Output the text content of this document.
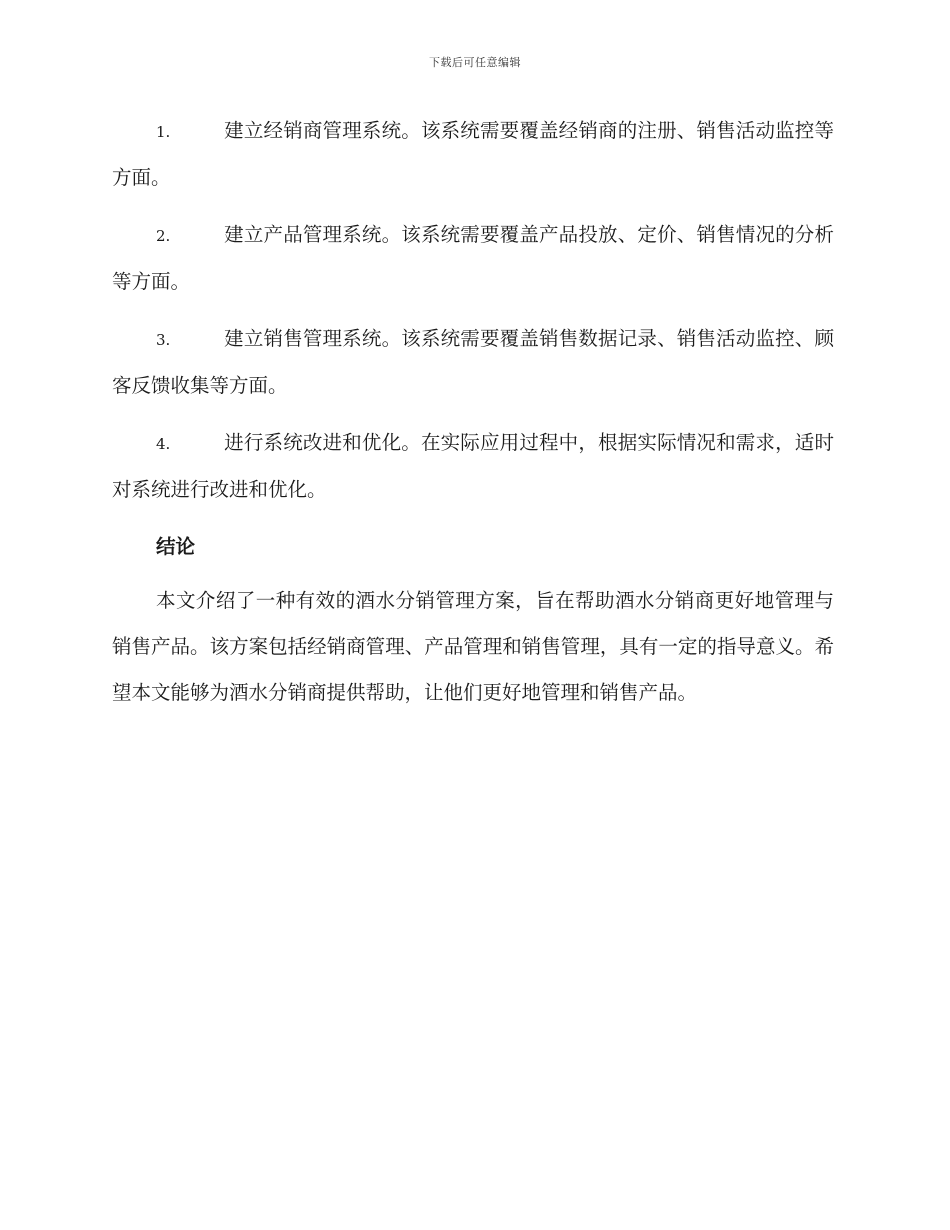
下载后可任意编辑

1.	建立经销商管理系统。该系统需要覆盖经销商的注册、销售活动监控等方面。

2.	建立产品管理系统。该系统需要覆盖产品投放、定价、销售情况的分析等方面。

3.	建立销售管理系统。该系统需要覆盖销售数据记录、销售活动监控、顾客反馈收集等方面。

4.	进行系统改进和优化。在实际应用过程中，根据实际情况和需求，适时对系统进行改进和优化。

结论

本文介绍了一种有效的酒水分销管理方案，旨在帮助酒水分销商更好地管理与销售产品。该方案包括经销商管理、产品管理和销售管理，具有一定的指导意义。希望本文能够为酒水分销商提供帮助，让他们更好地管理和销售产品。
